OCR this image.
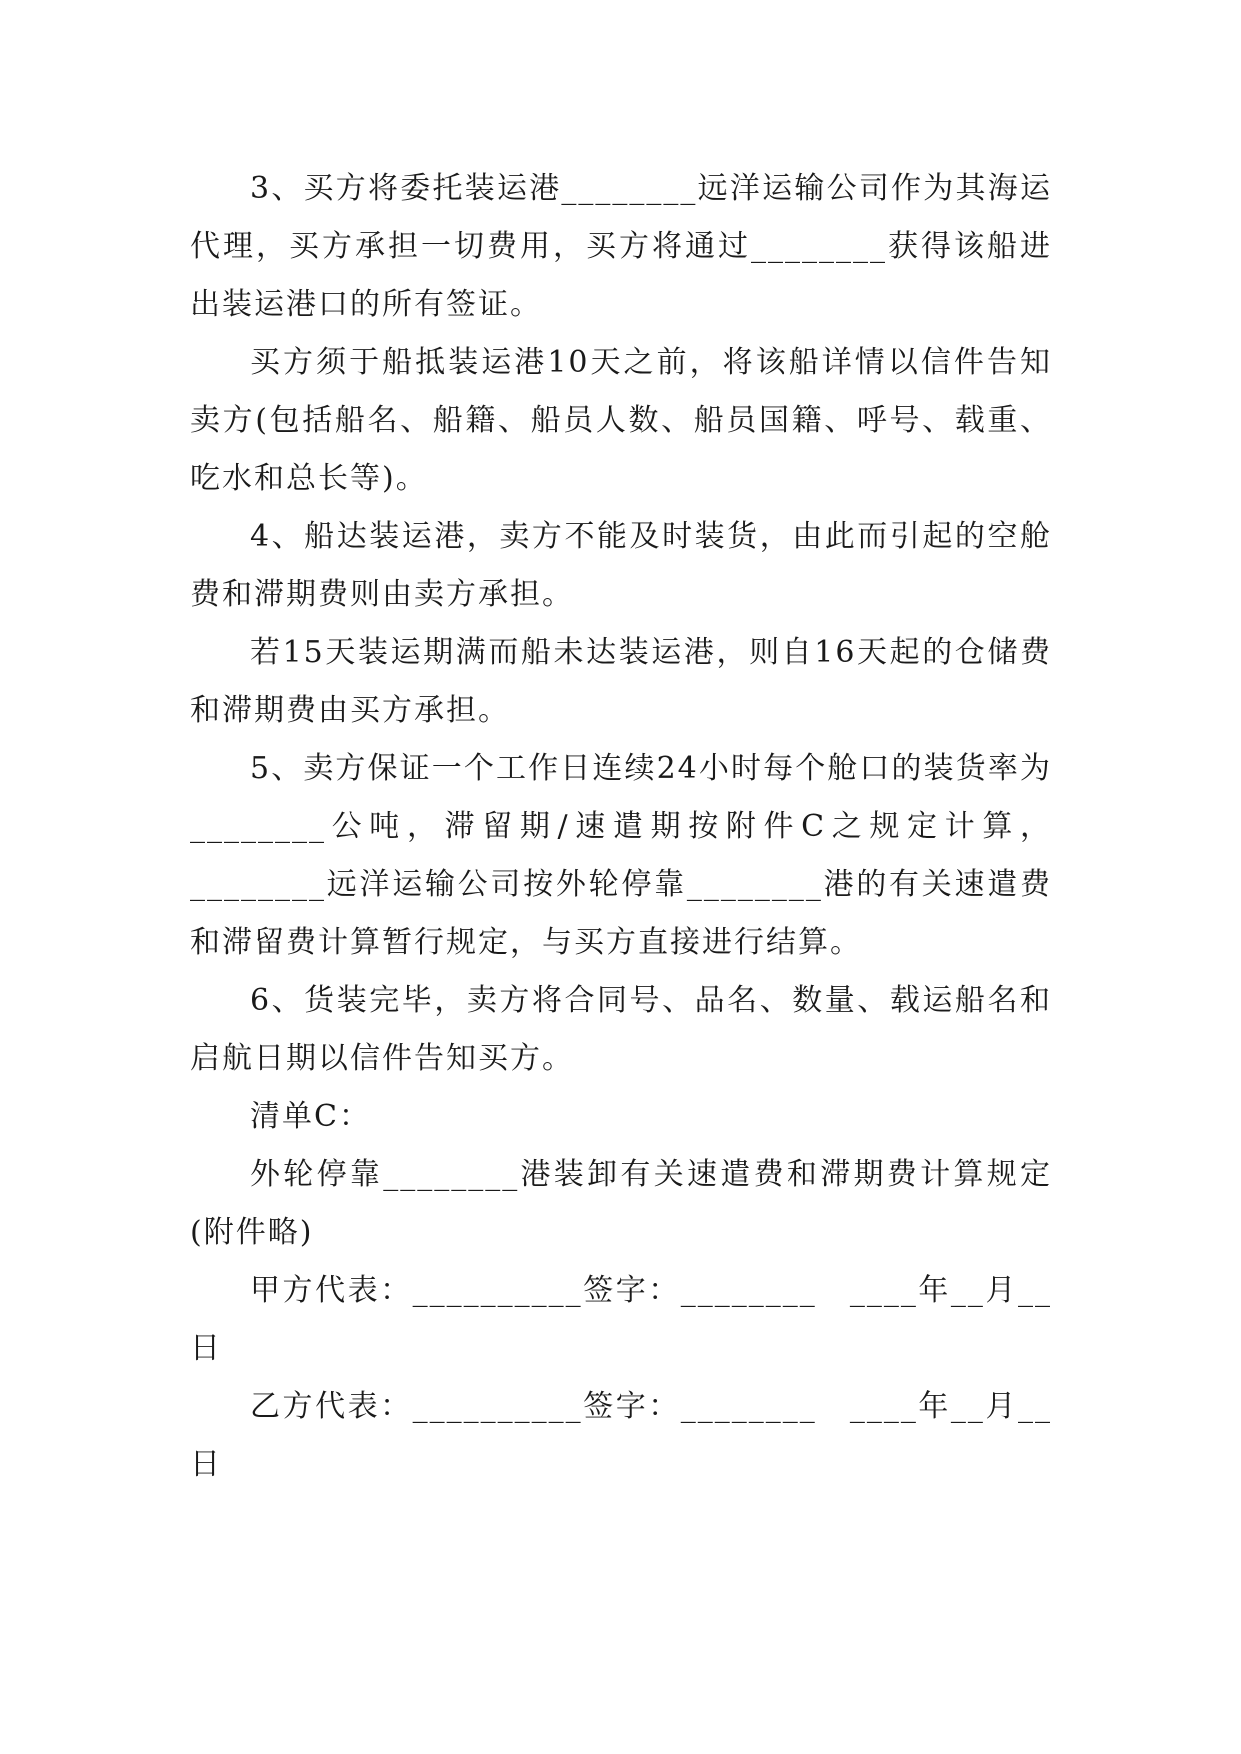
3、买方将委托装运港________远洋运输公司作为其海运代理，买方承担一切费用，买方将通过________获得该船进出装运港口的所有签证。

买方须于船抵装运港10天之前，将该船详情以信件告知卖方(包括船名、船籍、船员人数、船员国籍、呼号、载重、吃水和总长等)。

4、船达装运港，卖方不能及时装货，由此而引起的空舱费和滞期费则由卖方承担。

若15天装运期满而船未达装运港，则自16天起的仓储费和滞期费由买方承担。

5、卖方保证一个工作日连续24小时每个舱口的装货率为________公吨，滞留期/速遣期按附件C之规定计算，________远洋运输公司按外轮停靠________港的有关速遣费和滞留费计算暂行规定，与买方直接进行结算。

6、货装完毕，卖方将合同号、品名、数量、载运船名和启航日期以信件告知买方。

清单C：

外轮停靠________港装卸有关速遣费和滞期费计算规定(附件略)

甲方代表：__________签字：________　____年__月__日

乙方代表：__________签字：________　____年__月__日
